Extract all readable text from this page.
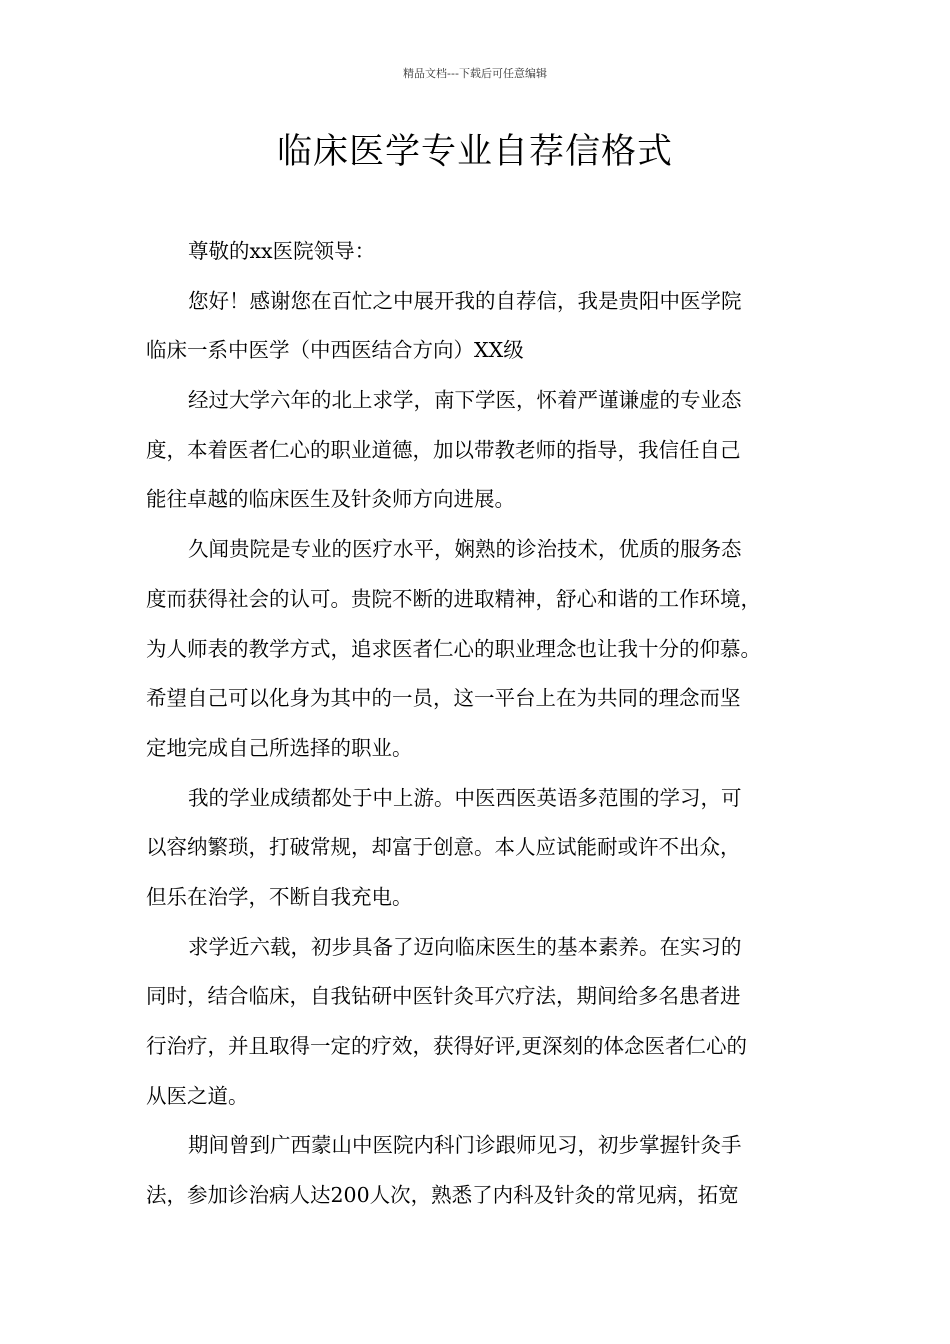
精品文档---下载后可任意编辑
临床医学专业自荐信格式
尊敬的xx医院领导：
您好！感谢您在百忙之中展开我的自荐信，我是贵阳中医学院
临床一系中医学（中西医结合方向）XX级
经过大学六年的北上求学，南下学医，怀着严谨谦虚的专业态
度，本着医者仁心的职业道德，加以带教老师的指导，我信任自己
能往卓越的临床医生及针灸师方向进展。
久闻贵院是专业的医疗水平，娴熟的诊治技术，优质的服务态
度而获得社会的认可。贵院不断的进取精神，舒心和谐的工作环境，
为人师表的教学方式，追求医者仁心的职业理念也让我十分的仰慕。
希望自己可以化身为其中的一员，这一平台上在为共同的理念而坚
定地完成自己所选择的职业。
我的学业成绩都处于中上游。中医西医英语多范围的学习，可
以容纳繁琐，打破常规，却富于创意。本人应试能耐或许不出众，
但乐在治学，不断自我充电。
求学近六载，初步具备了迈向临床医生的基本素养。在实习的
同时，结合临床，自我钻研中医针灸耳穴疗法，期间给多名患者进
行治疗，并且取得一定的疗效，获得好评,更深刻的体念医者仁心的
从医之道。
期间曾到广西蒙山中医院内科门诊跟师见习，初步掌握针灸手
法，参加诊治病人达200人次，熟悉了内科及针灸的常见病，拓宽
